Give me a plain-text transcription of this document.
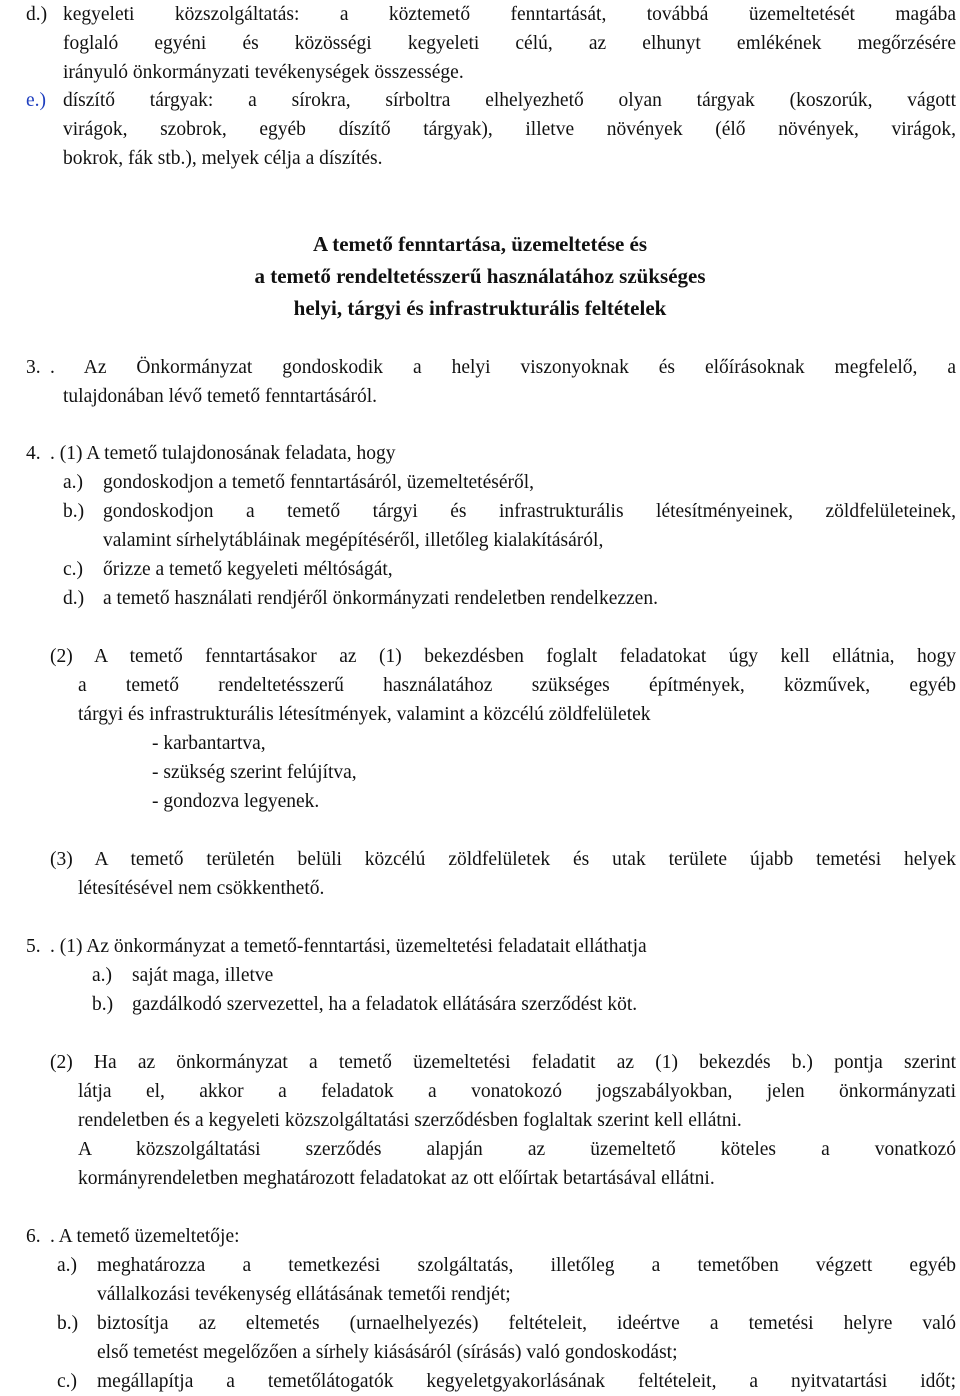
d.) kegyeleti közszolgáltatás: a köztemető fenntartását, továbbá üzemeltetését magába
foglaló egyéni és közösségi kegyeleti célú, az elhunyt emlékének megőrzésére
irányuló önkormányzati tevékenységek összessége.
e.) díszítő tárgyak: a sírokra, sírboltra elhelyezhető olyan tárgyak (koszorúk, vágott
virágok, szobrok, egyéb díszítő tárgyak), illetve növények (élő növények, virágok,
bokrok, fák stb.), melyek célja a díszítés.
A temető fenntartása, üzemeltetése és
a temető rendeltetésszerű használatához szükséges
helyi, tárgyi és infrastrukturális feltételek
3. . Az Önkormányzat gondoskodik a helyi viszonyoknak és előírásoknak megfelelő, a
tulajdonában lévő temető fenntartásáról.
4. . (1) A temető tulajdonosának feladata, hogy
a.) gondoskodjon a temető fenntartásáról, üzemeltetéséről,
b.) gondoskodjon a temető tárgyi és infrastrukturális létesítményeinek, zöldfelületeinek,
valamint sírhelytábláinak megépítéséről, illetőleg kialakításáról,
c.) őrizze a temető kegyeleti méltóságát,
d.) a temető használati rendjéről önkormányzati rendeletben rendelkezzen.
(2) A temető fenntartásakor az (1) bekezdésben foglalt feladatokat úgy kell ellátnia, hogy
a temető rendeltetésszerű használatához szükséges építmények, közművek, egyéb
tárgyi és infrastrukturális létesítmények, valamint a közcélú zöldfelületek
- karbantartva,
- szükség szerint felújítva,
- gondozva legyenek.
(3) A temető területén belüli közcélú zöldfelületek és utak területe újabb temetési helyek
létesítésével nem csökkenthető.
5. . (1) Az önkormányzat a temető-fenntartási, üzemeltetési feladatait elláthatja
a.) saját maga, illetve
b.) gazdálkodó szervezettel, ha a feladatok ellátására szerződést köt.
(2) Ha az önkormányzat a temető üzemeltetési feladatit az (1) bekezdés b.) pontja szerint
látja el, akkor a feladatok a vonatokozó jogszabályokban, jelen önkormányzati
rendeletben és a kegyeleti közszolgáltatási szerződésben foglaltak szerint kell ellátni.
A közszolgáltatási szerződés alapján az üzemeltető köteles a vonatkozó
kormányrendeletben meghatározott feladatokat az ott előírtak betartásával ellátni.
6. . A temető üzemeltetője:
a.) meghatározza a temetkezési szolgáltatás, illetőleg a temetőben végzett egyéb
vállalkozási tevékenység ellátásának temetői rendjét;
b.) biztosítja az eltemetés (urnaelhelyezés) feltételeit, ideértve a temetési helyre való
első temetést megelőzően a sírhely kiásásáról (sírásás) való gondoskodást;
c.) megállapítja a temetőlátogatók kegyeletgyakorlásának feltételeit, a nyitvatartási időt;
